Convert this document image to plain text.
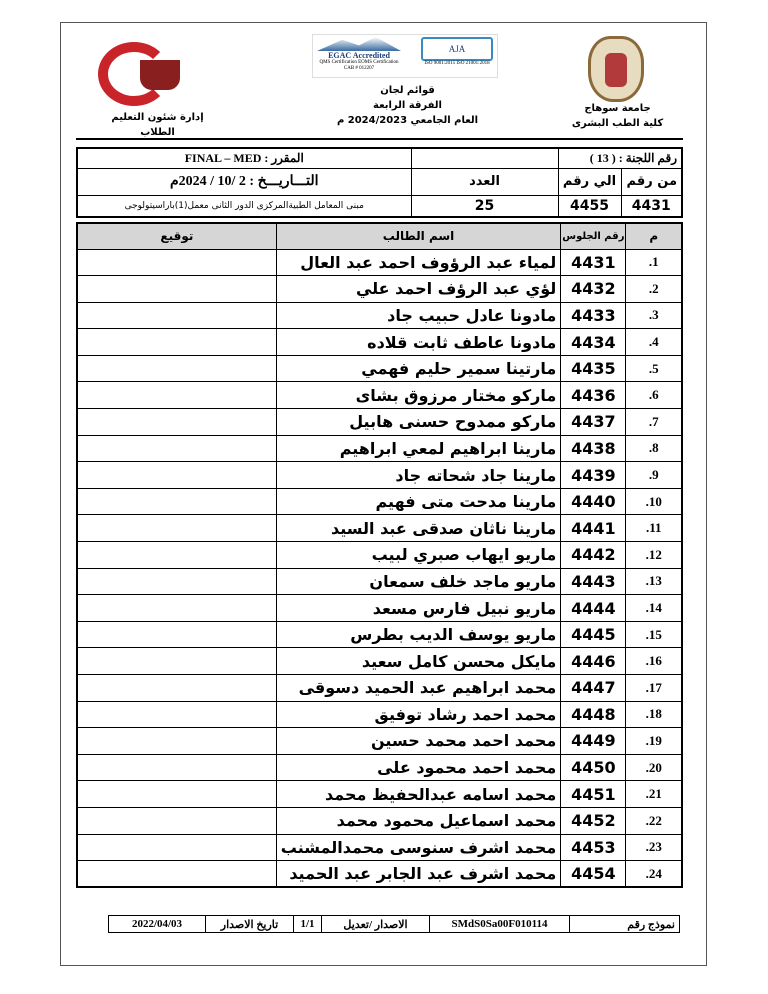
جامعة سوهاج
كلية الطب البشرى
EGAC Accredited
QMS Certification EOMS Certification CAB # 012207
AJA
ISO 9001:2015 ISO 21001:2018
قوائم لجان
الفرقة الرابعة
العام الجامعي 2024/2023 م
إدارة شئون التعليم الطلاب
رقم اللجنة : ( 13 )			المقرر : FINAL – MED
من رقم	الي رقم	العدد	التـــاريـــخ : 2 /10 / 2024م
4431	4455	25	مبنى المعامل الطبيةالمركزى الدور الثانى معمل(1)باراسيتولوجى
م	رقم الجلوس	اسم الطالب	توقيع
1.	4431	لمياء عبد الرؤوف احمد عبد العال	
2.	4432	لؤي عبد الرؤف احمد علي	
3.	4433	مادونا عادل حبيب جاد	
4.	4434	مادونا عاطف ثابت قلاده	
5.	4435	مارتينا سمير حليم فهمي	
6.	4436	ماركو مختار مرزوق بشاى	
7.	4437	ماركو ممدوح حسنى هابيل	
8.	4438	مارينا ابراهيم لمعي ابراهيم	
9.	4439	مارينا جاد شحاته جاد	
10.	4440	مارينا مدحت متى فهيم	
11.	4441	مارينا ناثان صدقى عبد السيد	
12.	4442	ماريو ايهاب صبري لبيب	
13.	4443	ماريو ماجد خلف سمعان	
14.	4444	ماريو نبيل فارس مسعد	
15.	4445	ماريو يوسف الديب بطرس	
16.	4446	مايكل محسن كامل سعيد	
17.	4447	محمد ابراهيم عبد الحميد دسوقى	
18.	4448	محمد احمد رشاد توفيق	
19.	4449	محمد احمد محمد حسين	
20.	4450	محمد احمد محمود على	
21.	4451	محمد اسامه عبدالحفيظ محمد	
22.	4452	محمد اسماعيل محمود محمد	
23.	4453	محمد اشرف سنوسى محمدالمشنب	
24.	4454	محمد اشرف عبد الجابر عبد الحميد	
نموذج رقم	SMdS0Sa00F010114	الاصدار /تعديل	1/1	تاريخ الاصدار	2022/04/03
